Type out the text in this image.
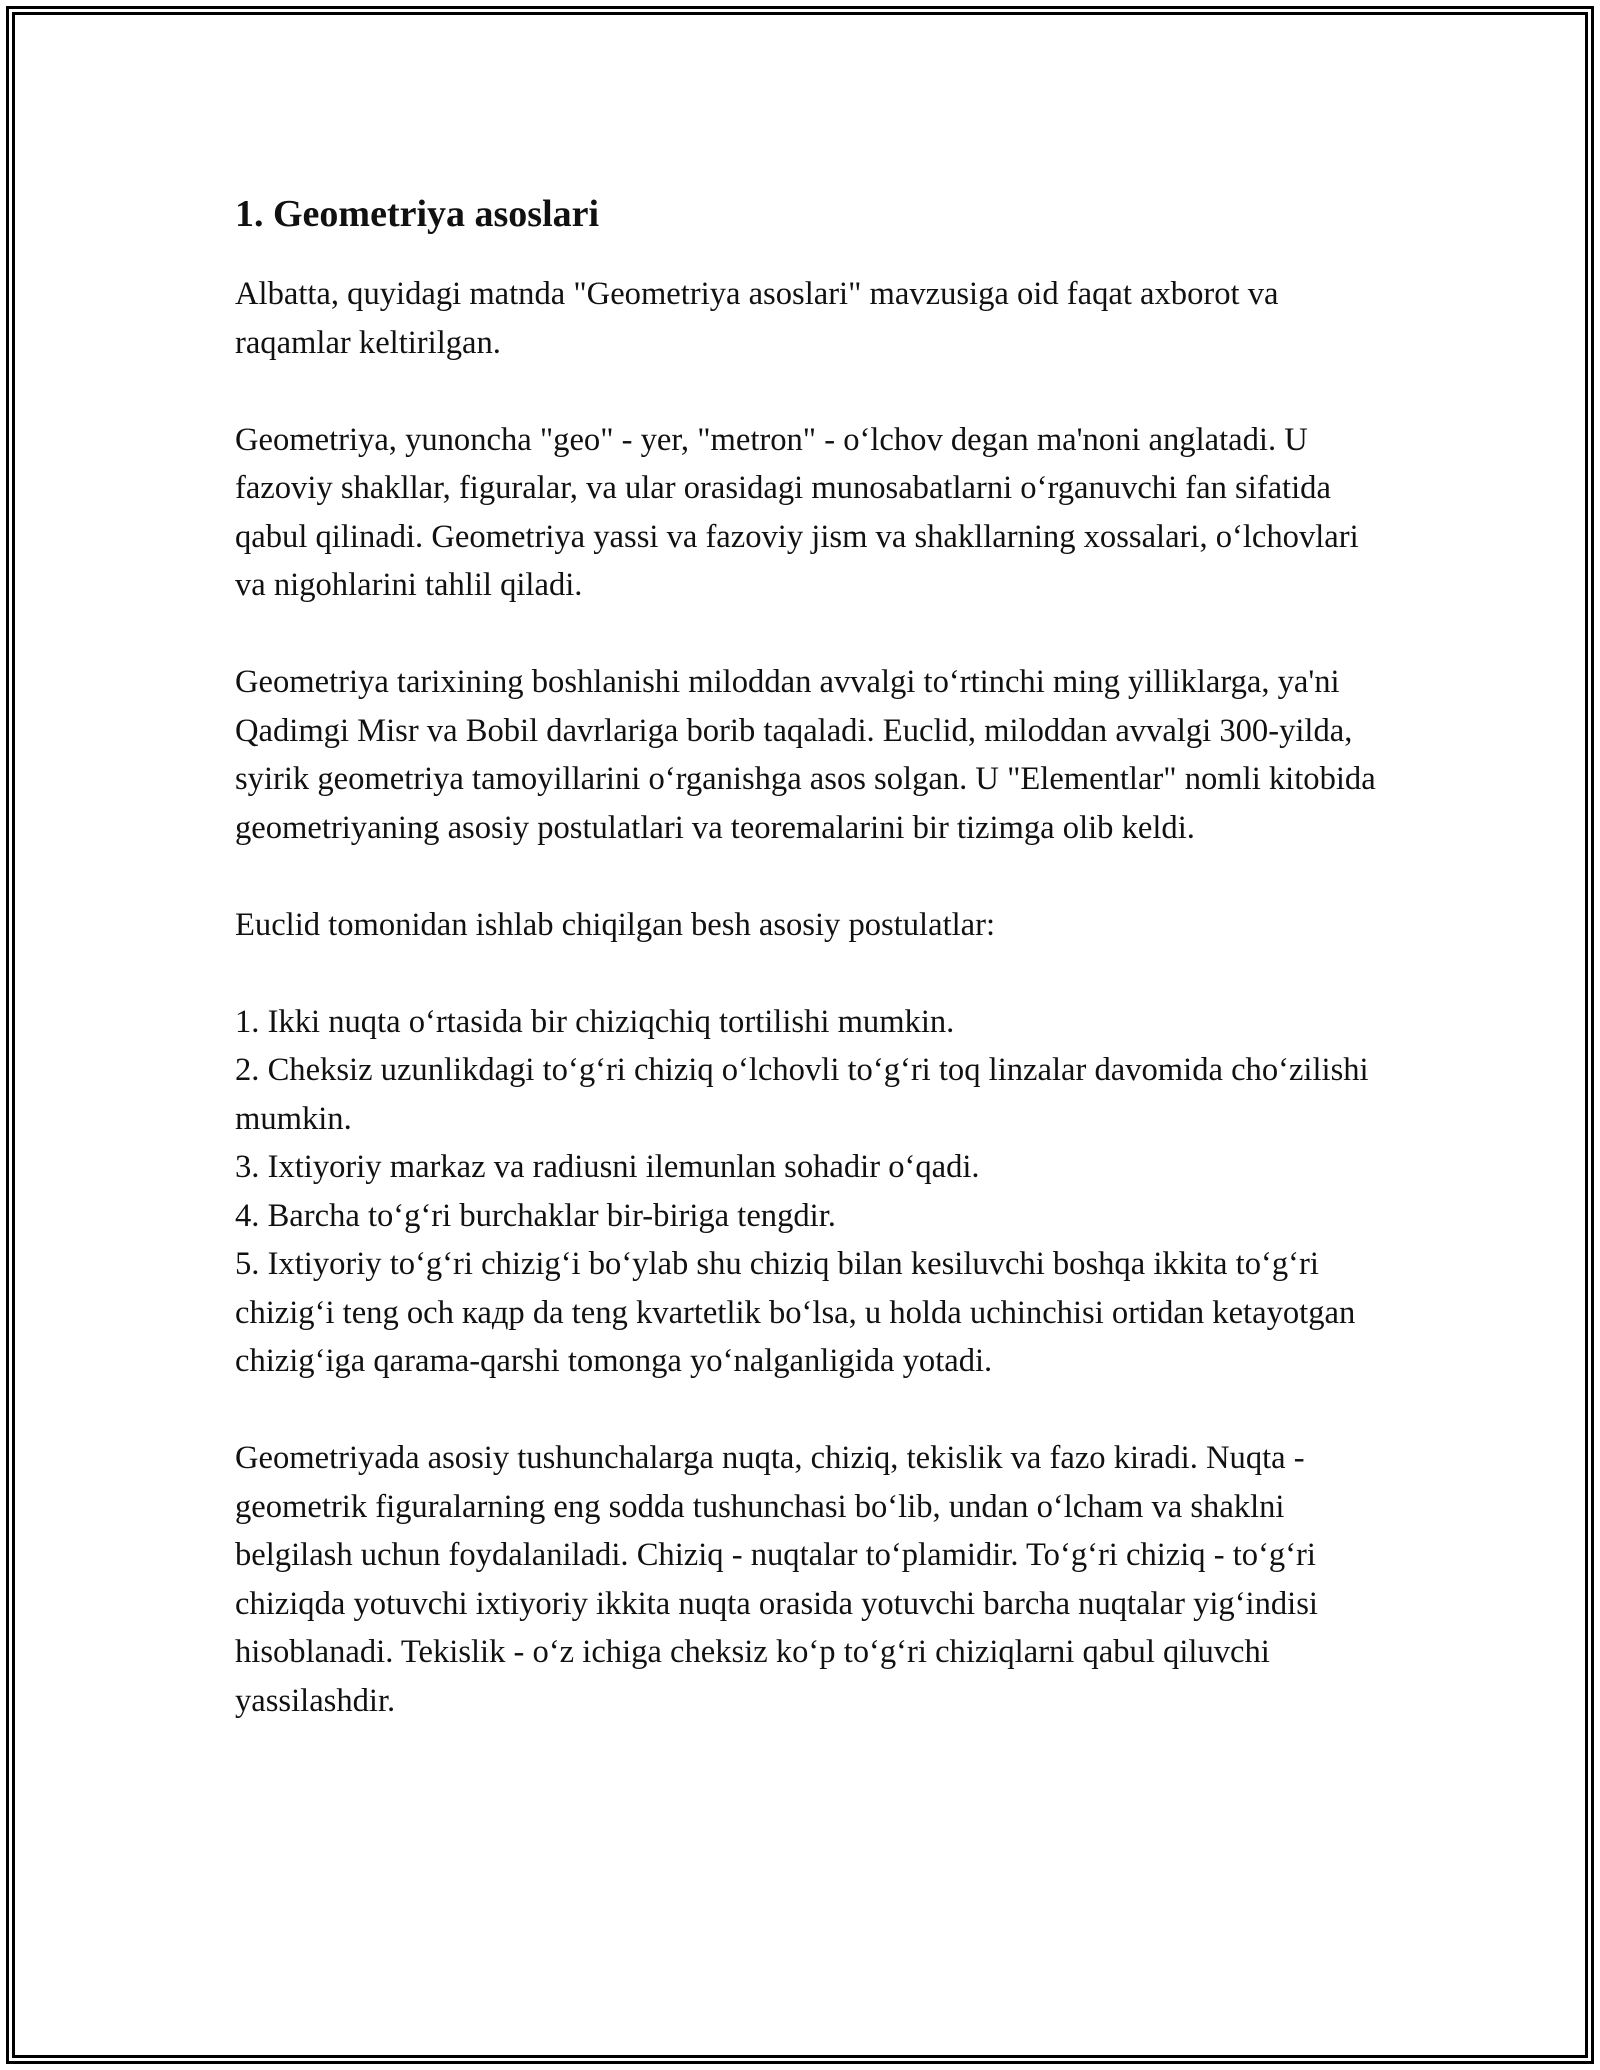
1. Geometriya asoslari

Albatta, quyidagi matnda "Geometriya asoslari" mavzusiga oid faqat axborot va raqamlar keltirilgan.

Geometriya, yunoncha "geo" - yer, "metron" - oʻlchov degan ma'noni anglatadi. U fazoviy shakllar, figuralar, va ular orasidagi munosabatlarni oʻrganuvchi fan sifatida qabul qilinadi. Geometriya yassi va fazoviy jism va shakllarning xossalari, oʻlchovlari va nigohlarini tahlil qiladi.

Geometriya tarixining boshlanishi miloddan avvalgi toʻrtinchi ming yilliklarga, ya'ni Qadimgi Misr va Bobil davrlariga borib taqaladi. Euclid, miloddan avvalgi 300-yilda, syirik geometriya tamoyillarini oʻrganishga asos solgan. U "Elementlar" nomli kitobida geometriyaning asosiy postulatlari va teoremalarini bir tizimga olib keldi.

Euclid tomonidan ishlab chiqilgan besh asosiy postulatlar:

1. Ikki nuqta oʻrtasida bir chiziqchiq tortilishi mumkin.

2. Cheksiz uzunlikdagi toʻgʻri chiziq oʻlchovli toʻgʻri toq linzalar davomida choʻzilishi mumkin.

3. Ixtiyoriy markaz va radiusni ilemunlan sohadir oʻqadi.

4. Barcha toʻgʻri burchaklar bir-biriga tengdir.

5. Ixtiyoriy toʻgʻri chizigʻi boʻylab shu chiziq bilan kesiluvchi boshqa ikkita toʻgʻri chizigʻi teng och кадр da teng kvartetlik boʻlsa, u holda uchinchisi ortidan ketayotgan chizigʻiga qarama-qarshi tomonga yoʻnalganligida yotadi.

Geometriyada asosiy tushunchalarga nuqta, chiziq, tekislik va fazo kiradi. Nuqta - geometrik figuralarning eng sodda tushunchasi boʻlib, undan oʻlcham va shaklni belgilash uchun foydalaniladi. Chiziq - nuqtalar toʻplamidir. Toʻgʻri chiziq - toʻgʻri chiziqda yotuvchi ixtiyoriy ikkita nuqta orasida yotuvchi barcha nuqtalar yigʻindisi hisoblanadi. Tekislik - oʻz ichiga cheksiz koʻp toʻgʻri chiziqlarni qabul qiluvchi yassilashdir.
